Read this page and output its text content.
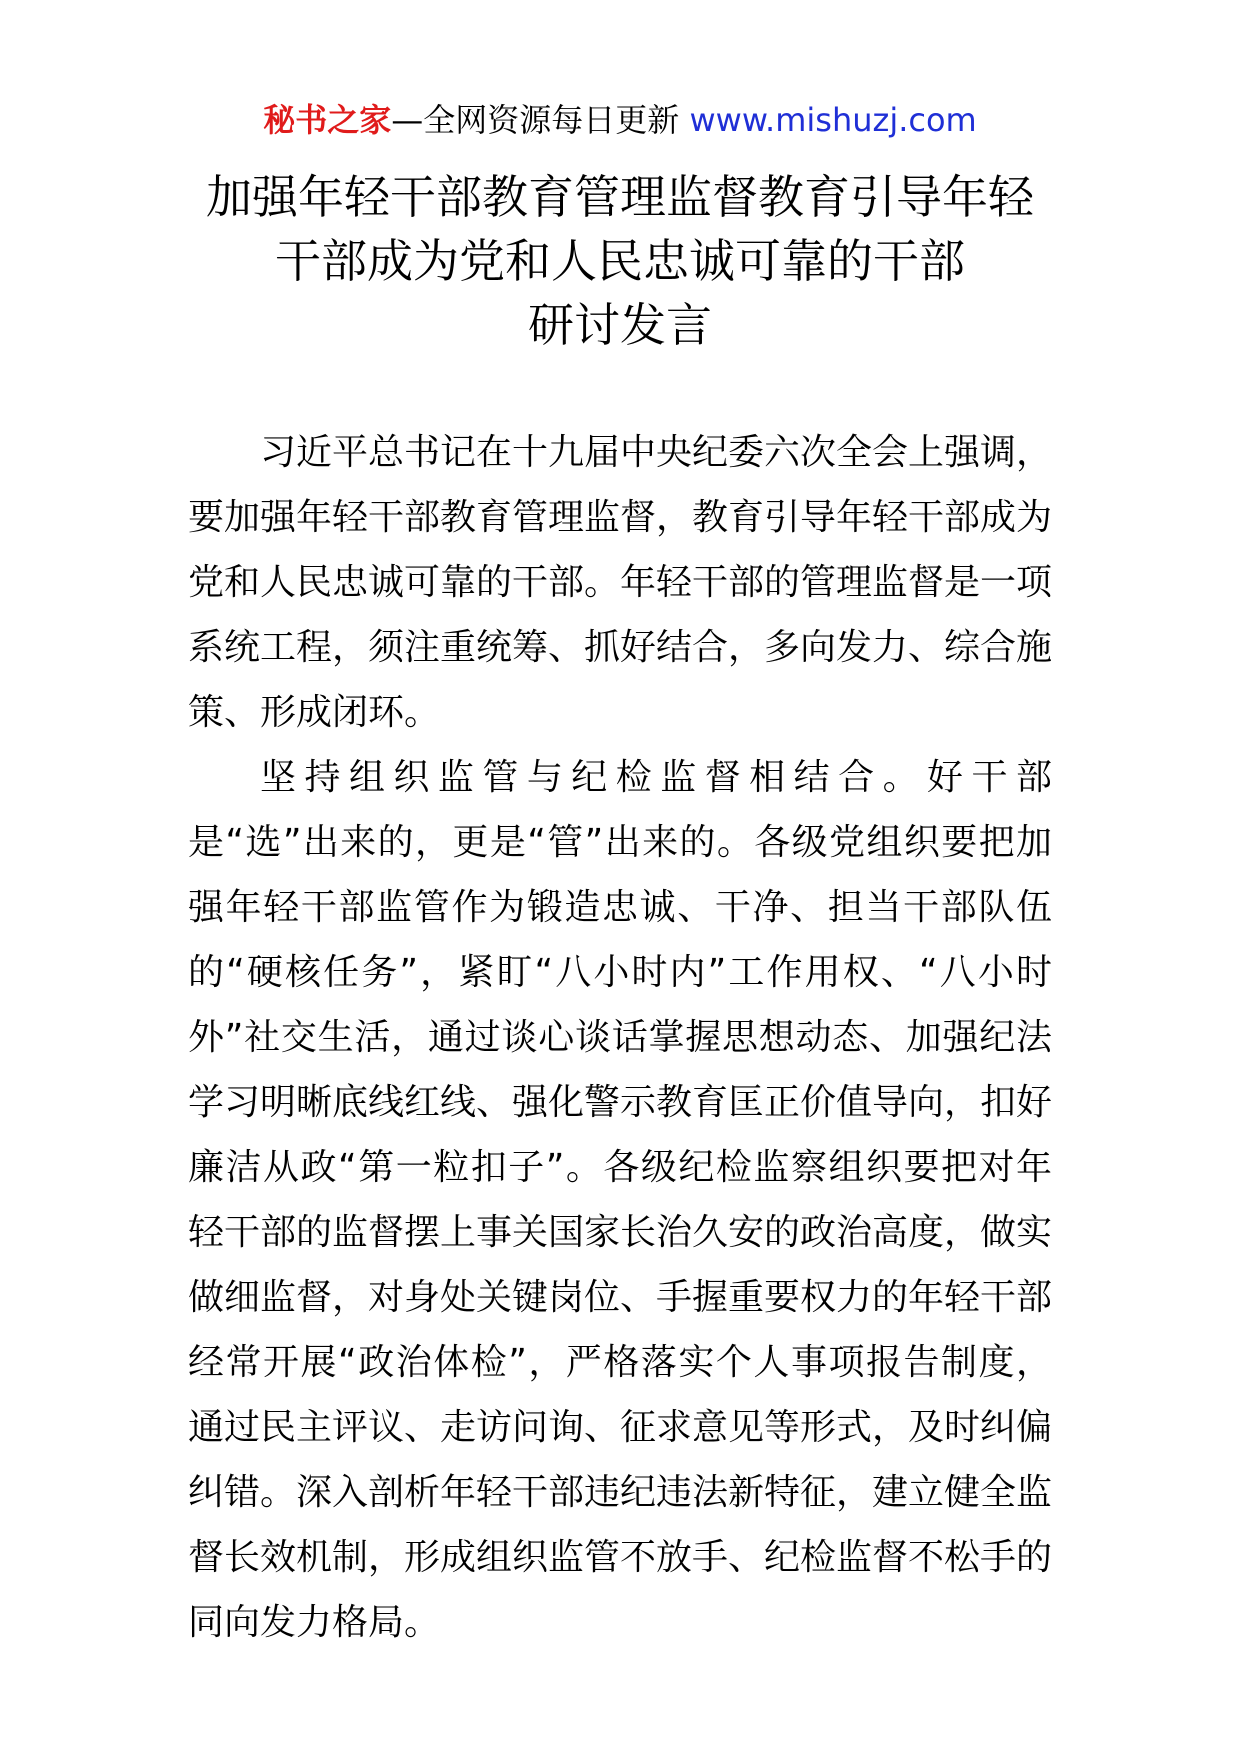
秘书之家—全网资源每日更新 www.mishuzj.com
加强年轻干部教育管理监督教育引导年轻
干部成为党和人民忠诚可靠的干部
研讨发言

习近平总书记在十九届中央纪委六次全会上强调，要加强年轻干部教育管理监督，教育引导年轻干部成为党和人民忠诚可靠的干部。年轻干部的管理监督是一项系统工程，须注重统筹、抓好结合，多向发力、综合施策、形成闭环。

坚持组织监管与纪检监督相结合。好干部是“选”出来的，更是“管”出来的。各级党组织要把加强年轻干部监管作为锻造忠诚、干净、担当干部队伍的“硬核任务”，紧盯“八小时内”工作用权、“八小时外”社交生活，通过谈心谈话掌握思想动态、加强纪法学习明晰底线红线、强化警示教育匡正价值导向，扣好廉洁从政“第一粒扣子”。各级纪检监察组织要把对年轻干部的监督摆上事关国家长治久安的政治高度，做实做细监督，对身处关键岗位、手握重要权力的年轻干部经常开展“政治体检”，严格落实个人事项报告制度，通过民主评议、走访问询、征求意见等形式，及时纠偏纠错。深入剖析年轻干部违纪违法新特征，建立健全监督长效机制，形成组织监管不放手、纪检监督不松手的同向发力格局。
